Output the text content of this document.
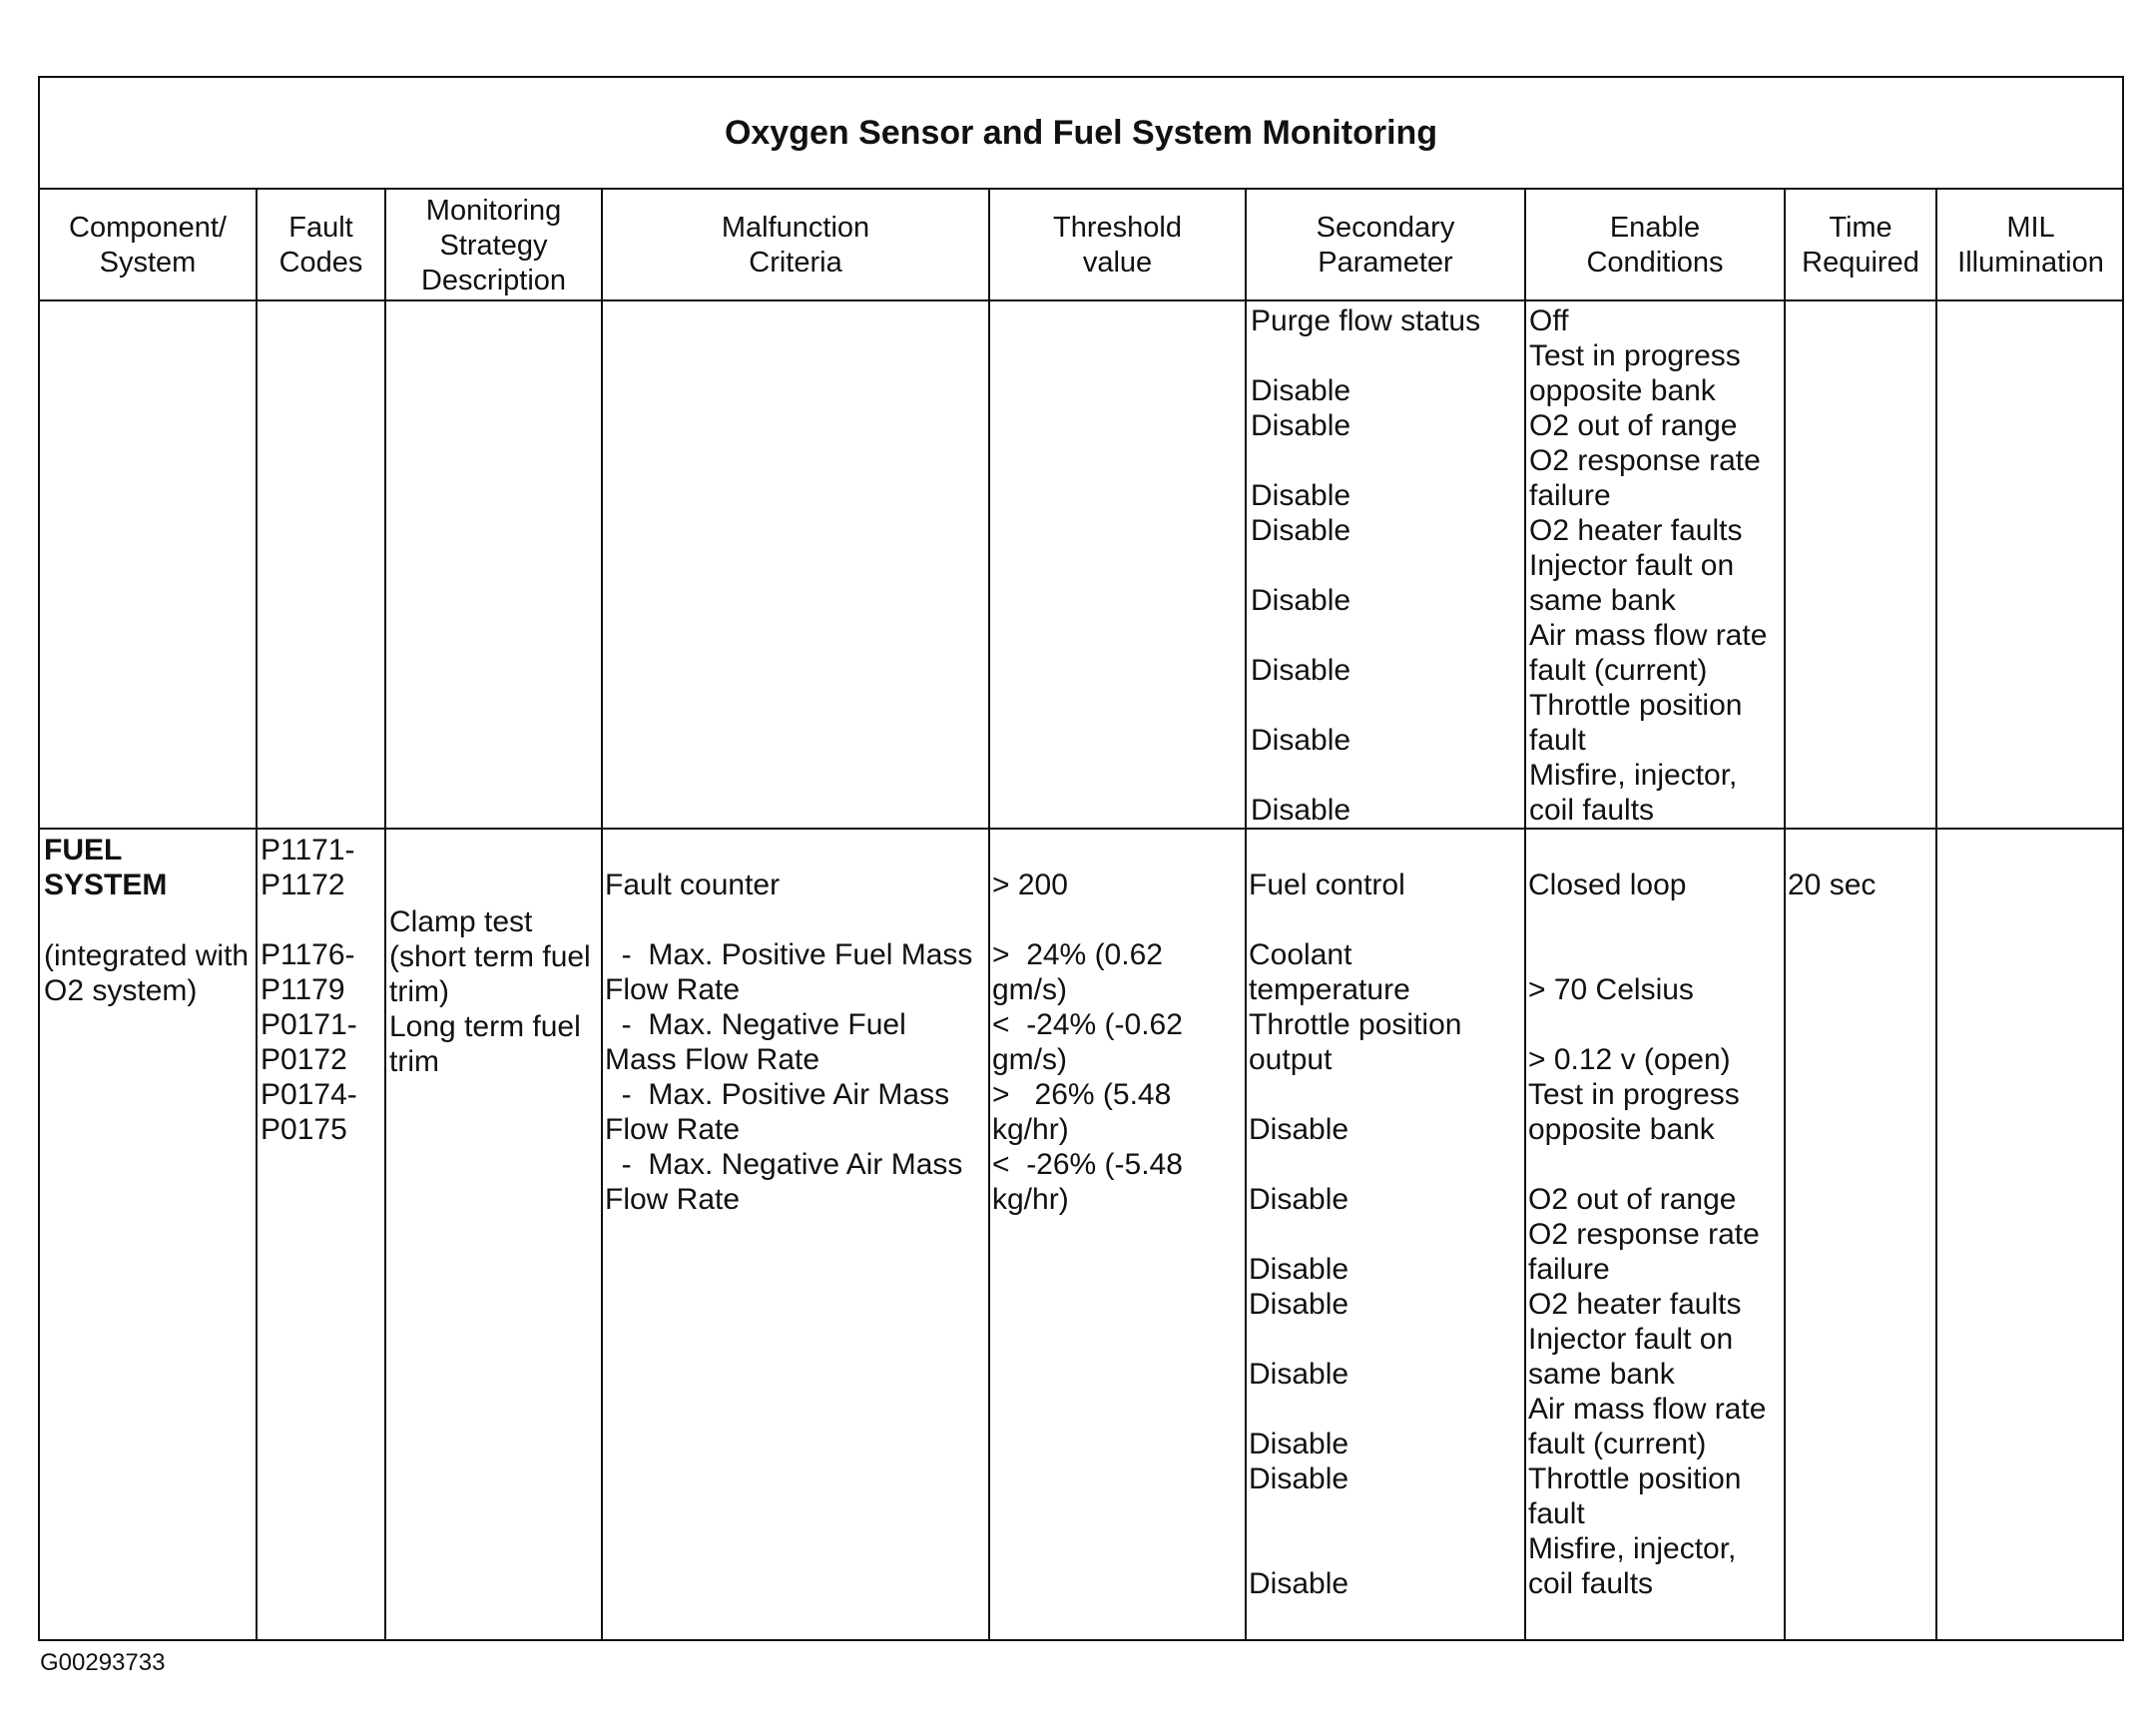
Oxygen Sensor and Fuel System Monitoring
Component/
System
Fault
Codes
Monitoring
Strategy
Description
Malfunction
Criteria
Threshold
value
Secondary
Parameter
Enable
Conditions
Time
Required
MIL
Illumination
Purge flow status

Disable
Disable

Disable
Disable

Disable

Disable

Disable

Disable
Off
Test in progress
opposite bank
O2 out of range
O2 response rate
failure
O2 heater faults
Injector fault on
same bank
Air mass flow rate
fault (current)
Throttle position
fault
Misfire, injector,
coil faults
FUEL
SYSTEM
(integrated with
O2 system)
P1171-
P1172

P1176-
P1179
P0171-
P0172
P0174-
P0175
Clamp test
(short term fuel
trim)
Long term fuel
trim
Fault counter

-  Max. Positive Fuel Mass
Flow Rate
-  Max. Negative Fuel
Mass Flow Rate
-  Max. Positive Air Mass
Flow Rate
-  Max. Negative Air Mass
Flow Rate
> 200

>  24% (0.62
gm/s)
<  -24% (-0.62
gm/s)
>   26% (5.48
kg/hr)
<  -26% (-5.48
kg/hr)
Fuel control

Coolant
temperature
Throttle position
output

Disable

Disable

Disable
Disable

Disable

Disable
Disable

Disable
Closed loop

> 70 Celsius

> 0.12 v (open)
Test in progress
opposite bank

O2 out of range
O2 response rate
failure
O2 heater faults
Injector fault on
same bank
Air mass flow rate
fault (current)
Throttle position
fault
Misfire, injector,
coil faults
20 sec
G00293733
